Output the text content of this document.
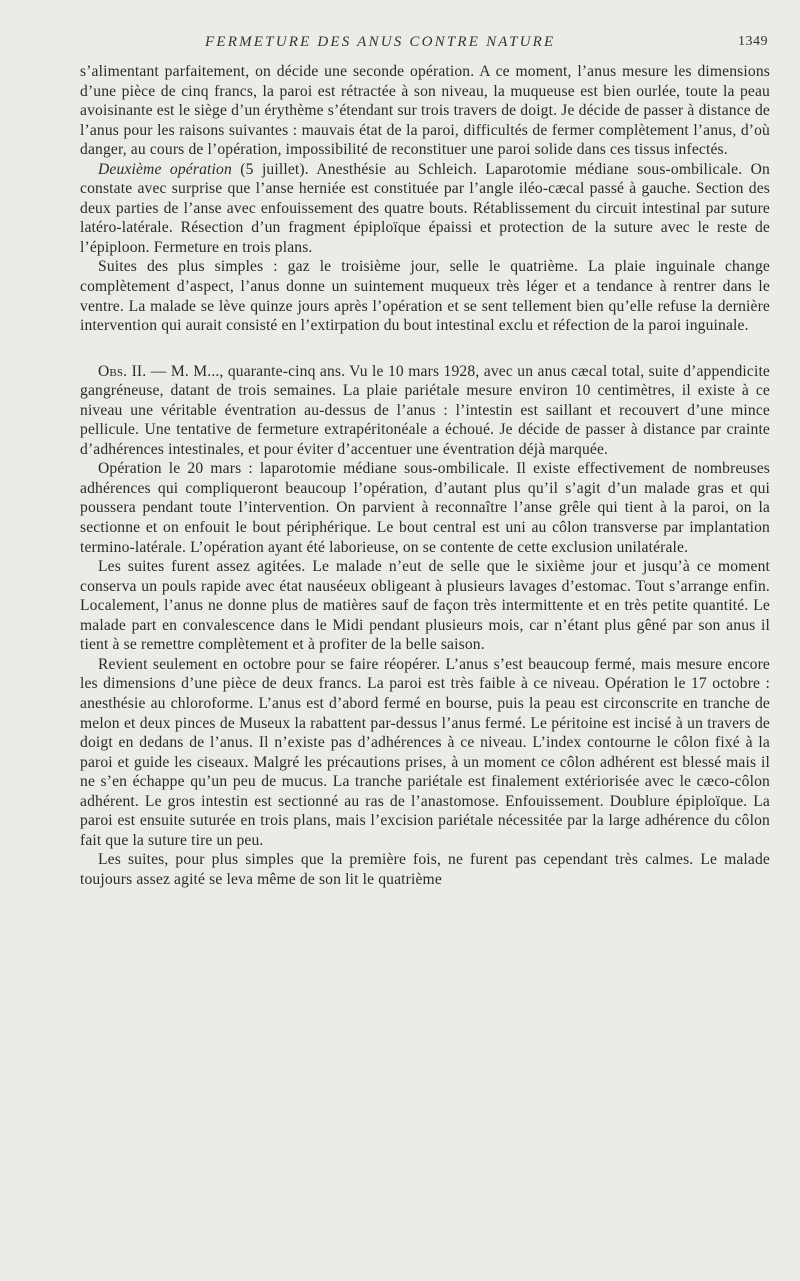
FERMETURE DES ANUS CONTRE NATURE	1349

s’alimentant parfaitement, on décide une seconde opération. A ce moment, l’anus mesure les dimensions d’une pièce de cinq francs, la paroi est rétractée à son niveau, la muqueuse est bien ourlée, toute la peau avoisinante est le siège d’un érythème s’étendant sur trois travers de doigt. Je décide de passer à distance de l’anus pour les raisons suivantes : mauvais état de la paroi, difficultés de fermer complètement l’anus, d’où danger, au cours de l’opération, impossibilité de reconstituer une paroi solide dans ces tissus infectés.

Deuxième opération (5 juillet). Anesthésie au Schleich. Laparotomie médiane sous-ombilicale. On constate avec surprise que l’anse herniée est constituée par l’angle iléo-cæcal passé à gauche. Section des deux parties de l’anse avec enfouissement des quatre bouts. Rétablissement du circuit intestinal par suture latéro-latérale. Résection d’un fragment épiploïque épaissi et protection de la suture avec le reste de l’épiploon. Fermeture en trois plans.

Suites des plus simples : gaz le troisième jour, selle le quatrième. La plaie inguinale change complètement d’aspect, l’anus donne un suintement muqueux très léger et a tendance à rentrer dans le ventre. La malade se lève quinze jours après l’opération et se sent tellement bien qu’elle refuse la dernière intervention qui aurait consisté en l’extirpation du bout intestinal exclu et réfection de la paroi inguinale.

Obs. II. — M. M..., quarante-cinq ans. Vu le 10 mars 1928, avec un anus cæcal total, suite d’appendicite gangréneuse, datant de trois semaines. La plaie pariétale mesure environ 10 centimètres, il existe à ce niveau une véritable éventration au-dessus de l’anus : l’intestin est saillant et recouvert d’une mince pellicule. Une tentative de fermeture extrapéritonéale a échoué. Je décide de passer à distance par crainte d’adhérences intestinales, et pour éviter d’accentuer une éventration déjà marquée.

Opération le 20 mars : laparotomie médiane sous-ombilicale. Il existe effectivement de nombreuses adhérences qui compliqueront beaucoup l’opération, d’autant plus qu’il s’agit d’un malade gras et qui poussera pendant toute l’intervention. On parvient à reconnaître l’anse grêle qui tient à la paroi, on la sectionne et on enfouit le bout périphérique. Le bout central est uni au côlon transverse par implantation termino-latérale. L’opération ayant été laborieuse, on se contente de cette exclusion unilatérale.

Les suites furent assez agitées. Le malade n’eut de selle que le sixième jour et jusqu’à ce moment conserva un pouls rapide avec état nauséeux obligeant à plusieurs lavages d’estomac. Tout s’arrange enfin. Localement, l’anus ne donne plus de matières sauf de façon très intermittente et en très petite quantité. Le malade part en convalescence dans le Midi pendant plusieurs mois, car n’étant plus gêné par son anus il tient à se remettre complètement et à profiter de la belle saison.

Revient seulement en octobre pour se faire réopérer. L’anus s’est beaucoup fermé, mais mesure encore les dimensions d’une pièce de deux francs. La paroi est très faible à ce niveau. Opération le 17 octobre : anesthésie au chloroforme. L’anus est d’abord fermé en bourse, puis la peau est circonscrite en tranche de melon et deux pinces de Museux la rabattent par-dessus l’anus fermé. Le péritoine est incisé à un travers de doigt en dedans de l’anus. Il n’existe pas d’adhérences à ce niveau. L’index contourne le côlon fixé à la paroi et guide les ciseaux. Malgré les précautions prises, à un moment ce côlon adhérent est blessé mais il ne s’en échappe qu’un peu de mucus. La tranche pariétale est finalement extériorisée avec le cæco-côlon adhérent. Le gros intestin est sectionné au ras de l’anastomose. Enfouissement. Doublure épiploïque. La paroi est ensuite suturée en trois plans, mais l’excision pariétale nécessitée par la large adhérence du côlon fait que la suture tire un peu.

Les suites, pour plus simples que la première fois, ne furent pas cependant très calmes. Le malade toujours assez agité se leva même de son lit le quatrième
